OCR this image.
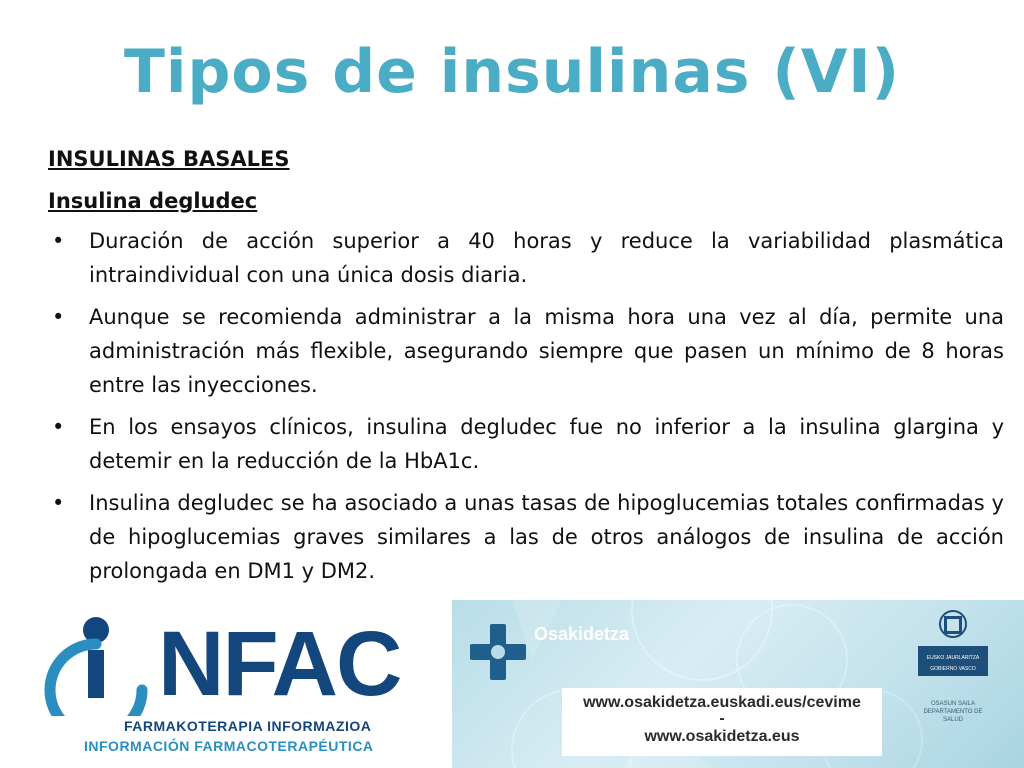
Tipos de insulinas (VI)
INSULINAS BASALES
Insulina degludec
• Duración de acción superior a 40 horas y reduce la variabilidad plasmática intraindividual con una única dosis diaria.
• Aunque se recomienda administrar a la misma hora una vez al día, permite una administración más flexible, asegurando siempre que pasen un mínimo de 8 horas entre las inyecciones.
• En los ensayos clínicos, insulina degludec fue no inferior a la insulina glargina y detemir en la reducción de la HbA1c.
• Insulina degludec se ha asociado a unas tasas de hipoglucemias totales confirmadas y de hipoglucemias graves similares a las de otros análogos de insulina de acción prolongada en DM1 y DM2.
NFAC
FARMAKOTERAPIA INFORMAZIOA
INFORMACIÓN FARMACOTERAPÉUTICA
Osakidetza
www.osakidetza.euskadi.eus/cevime
-
www.osakidetza.eus
EUSKO JAURLARITZA
GOBIERNO VASCO
OSASUN SAILA
DEPARTAMENTO DE SALUD
